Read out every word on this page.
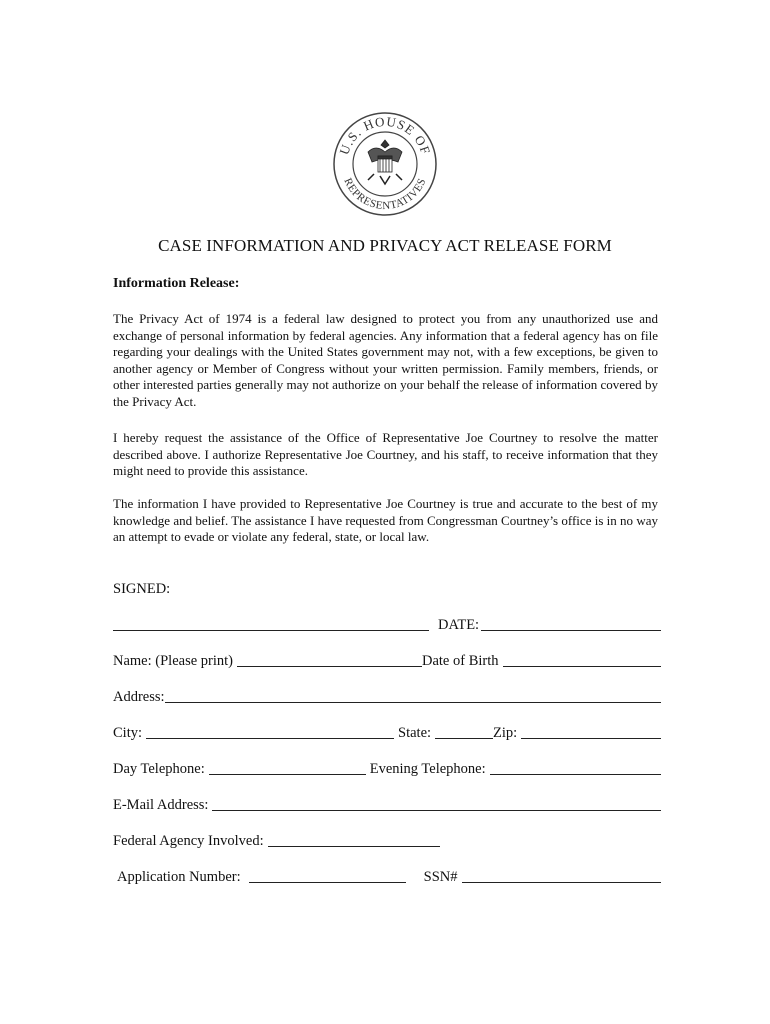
U.S. HOUSE OF
REPRESENTATIVES
CASE INFORMATION AND PRIVACY ACT RELEASE FORM
Information Release:
The Privacy Act of 1974 is a federal law designed to protect you from any unauthorized use and exchange of personal information by federal agencies. Any information that a federal agency has on file regarding your dealings with the United States government may not, with a few exceptions, be given to another agency or Member of Congress without your written permission. Family members, friends, or other interested parties generally may not authorize on your behalf the release of information covered by the Privacy Act.
I hereby request the assistance of the Office of Representative Joe Courtney to resolve the matter described above. I authorize Representative Joe Courtney, and his staff, to receive information that they might need to provide this assistance.
The information I have provided to Representative Joe Courtney is true and accurate to the best of my knowledge and belief. The assistance I have requested from Congressman Courtney’s office is in no way an attempt to evade or violate any federal, state, or local law.
SIGNED:
DATE:
Name: (Please print)	Date of Birth
Address:
City:	State:	Zip:
Day Telephone:	Evening Telephone:
E-Mail Address:
Federal Agency Involved:
Application Number:	SSN#
